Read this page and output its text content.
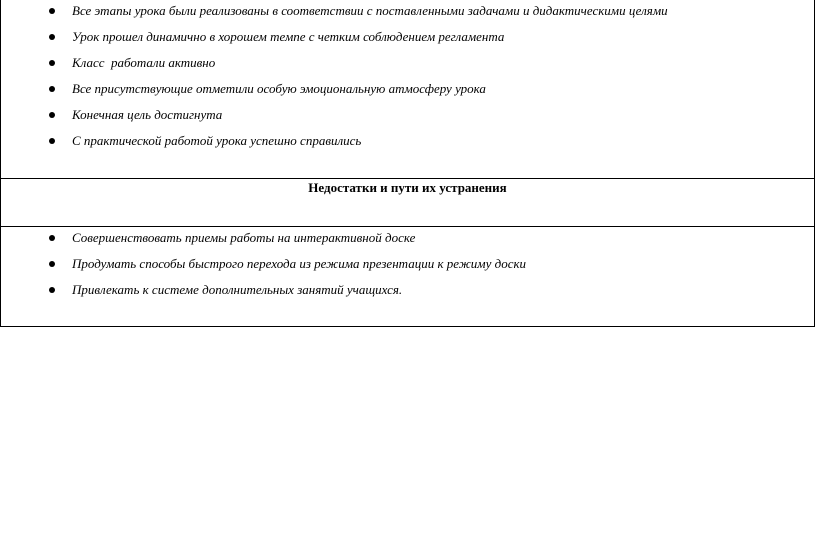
Все этапы урока были реализованы в соответствии с поставленными задачами и дидактическими целями
Урок прошел динамично в хорошем темпе с четким соблюдением регламента
Класс  работали активно
Все присутствующие отметили особую эмоциональную атмосферу урока
Конечная цель достигнута
С практической работой урока успешно справились
Недостатки и пути их устранения
Совершенствовать приемы работы на интерактивной доске
Продумать способы быстрого перехода из режима презентации к режиму доски
Привлекать к системе дополнительных занятий учащихся.
